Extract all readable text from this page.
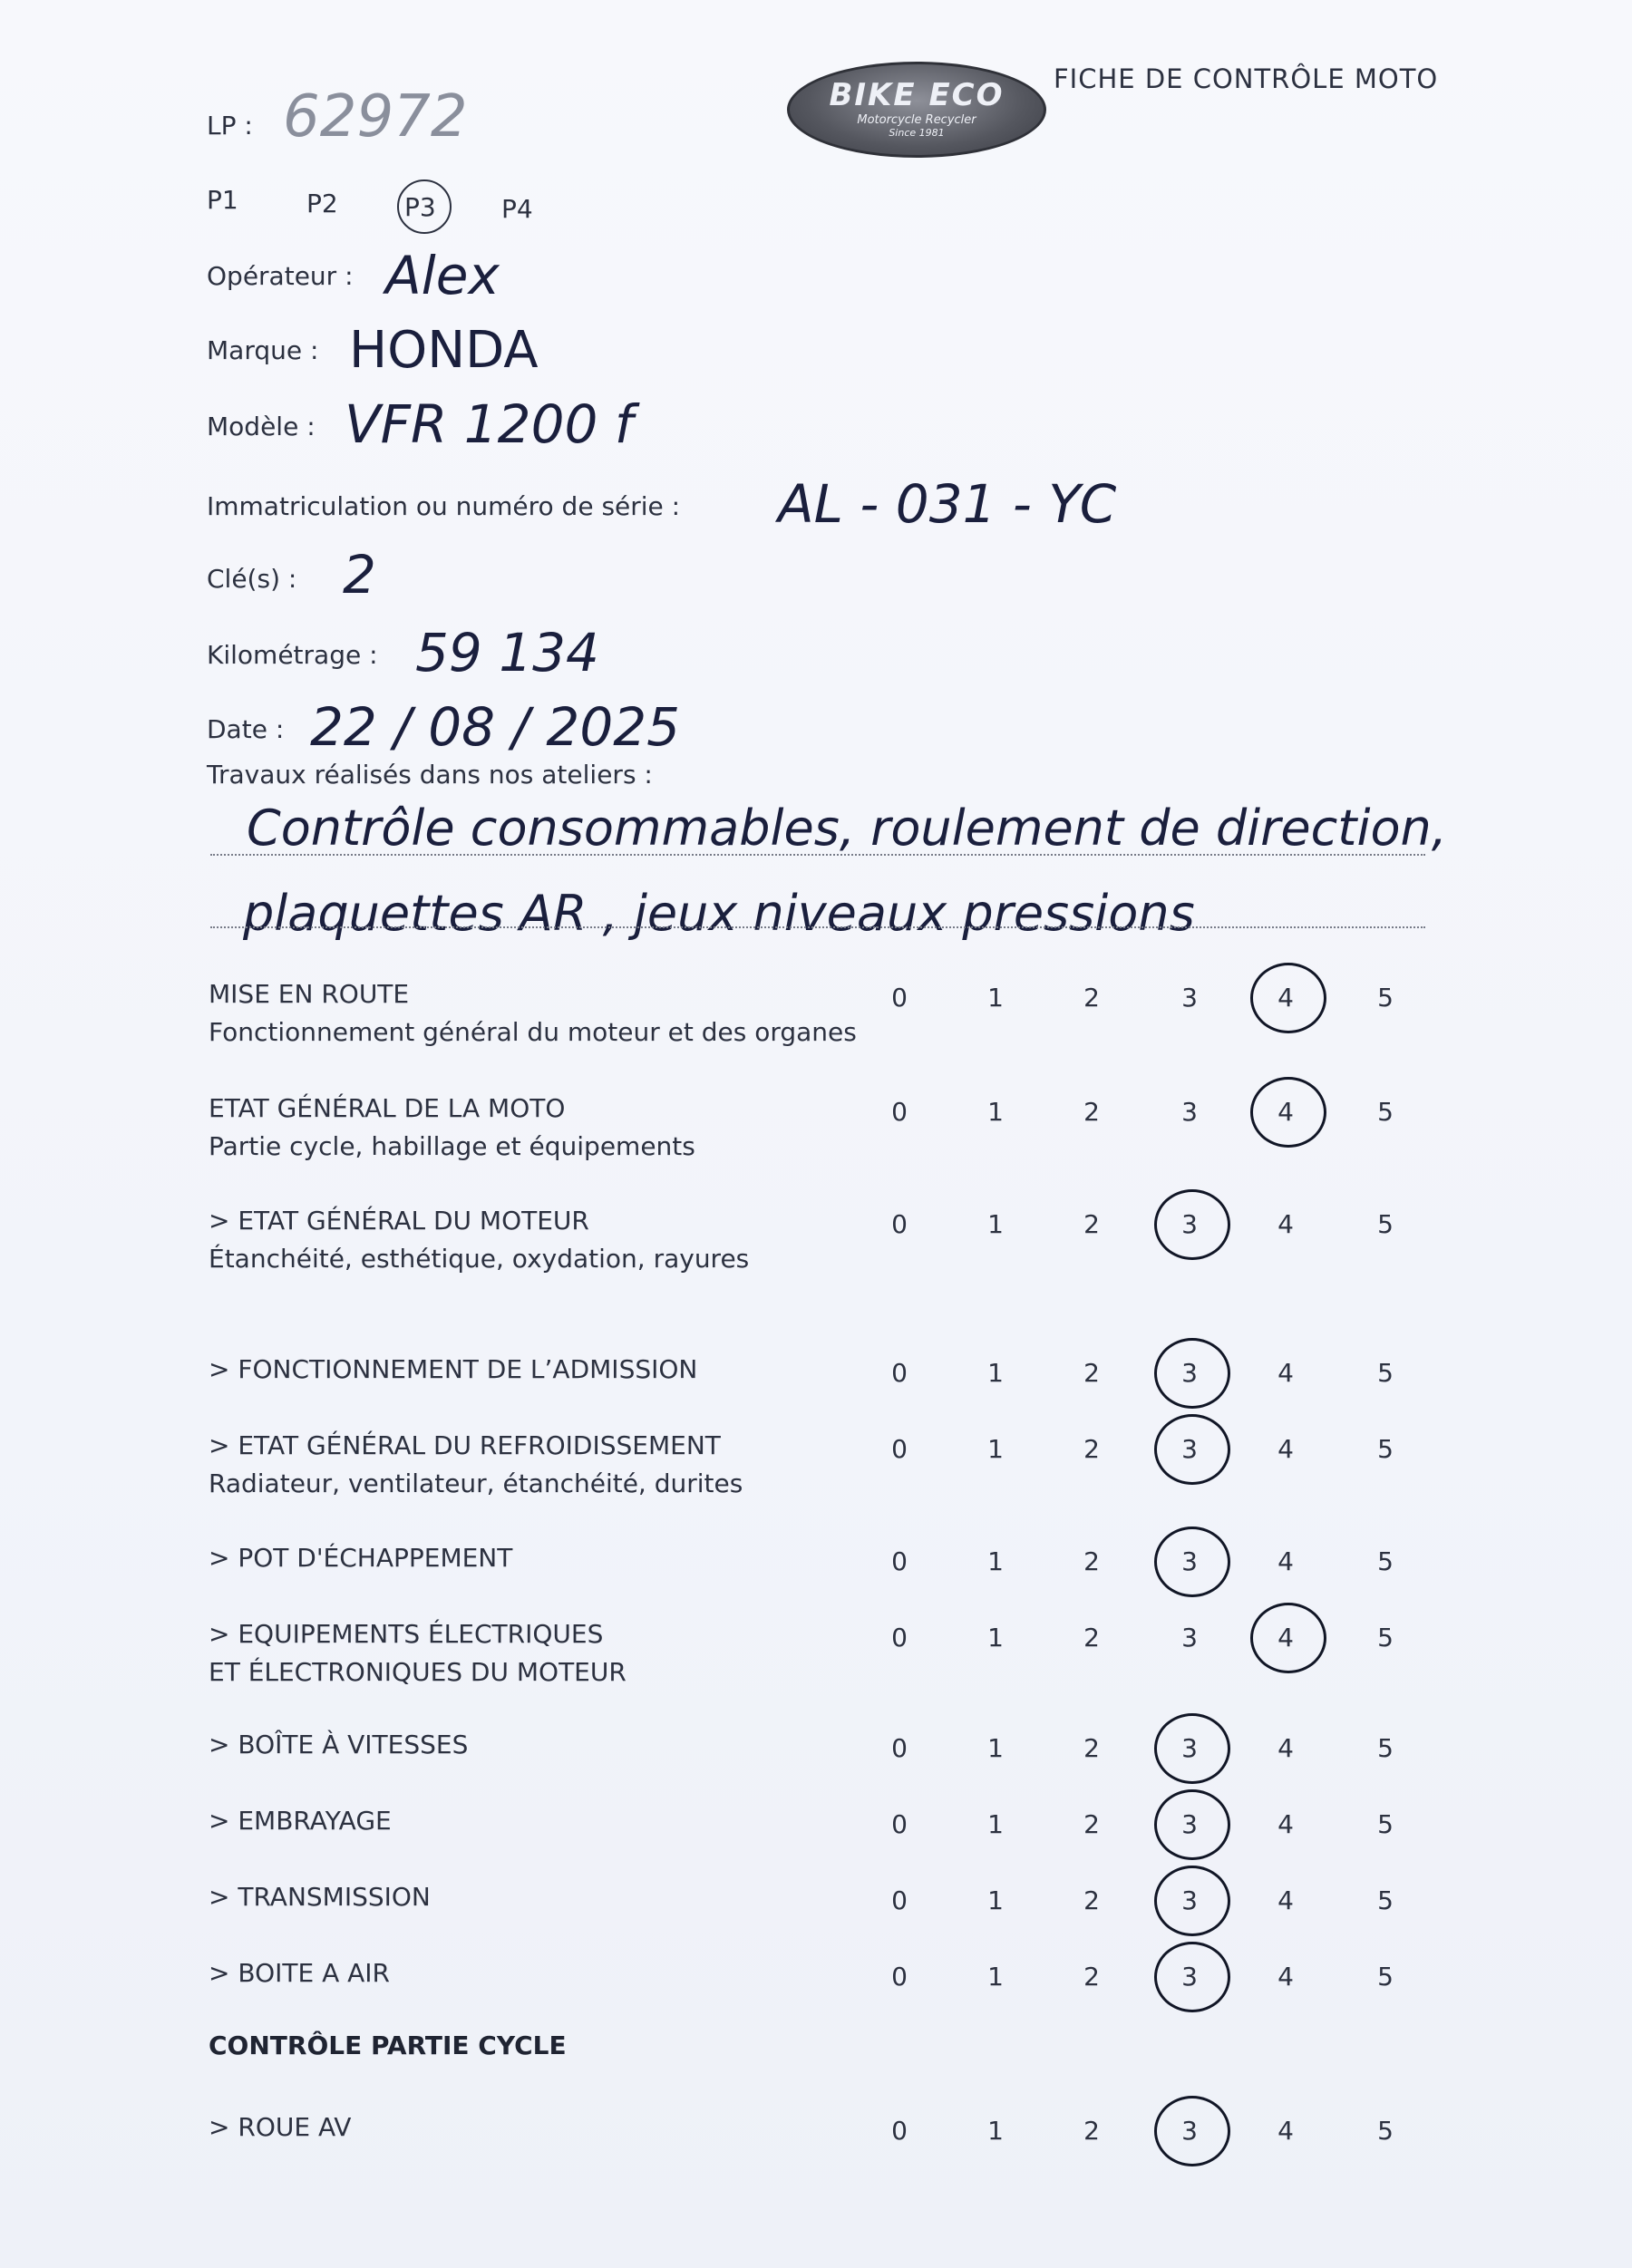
BIKE ECO
Motorcycle Recycler
Since 1981
FICHE DE CONTRÔLE MOTO
LP : 62972
P1	P2	P3	P4
Opérateur : Alex
Marque : HONDA
Modèle : VFR 1200 f
Immatriculation ou numéro de série : AL - 031 - YC
Clé(s) : 2
Kilométrage : 59 134
Date : 22 / 08 / 2025
Travaux réalisés dans nos ateliers :
Contrôle consommables, roulement de direction,
plaquettes AR , jeux niveaux pressions
CONTRÔLE PARTIE CYCLE
MISE EN ROUTE
Fonctionnement général du moteur et des organes
0	1	2	3	4	5
ETAT GÉNÉRAL DE LA MOTO
Partie cycle, habillage et équipements
0	1	2	3	4	5
> ETAT GÉNÉRAL DU MOTEUR
Étanchéité, esthétique, oxydation, rayures
0	1	2	3	4	5
> FONCTIONNEMENT DE L’ADMISSION	0	1	2	3	4	5
> ETAT GÉNÉRAL DU REFROIDISSEMENT
Radiateur, ventilateur, étanchéité, durites
0	1	2	3	4	5
> POT D'ÉCHAPPEMENT	0	1	2	3	4	5
> EQUIPEMENTS ÉLECTRIQUES
ET ÉLECTRONIQUES DU MOTEUR
0	1	2	3	4	5
> BOÎTE À VITESSES	0	1	2	3	4	5
> EMBRAYAGE	0	1	2	3	4	5
> TRANSMISSION	0	1	2	3	4	5
> BOITE A AIR	0	1	2	3	4	5
> ROUE AV	0	1	2	3	4	5
